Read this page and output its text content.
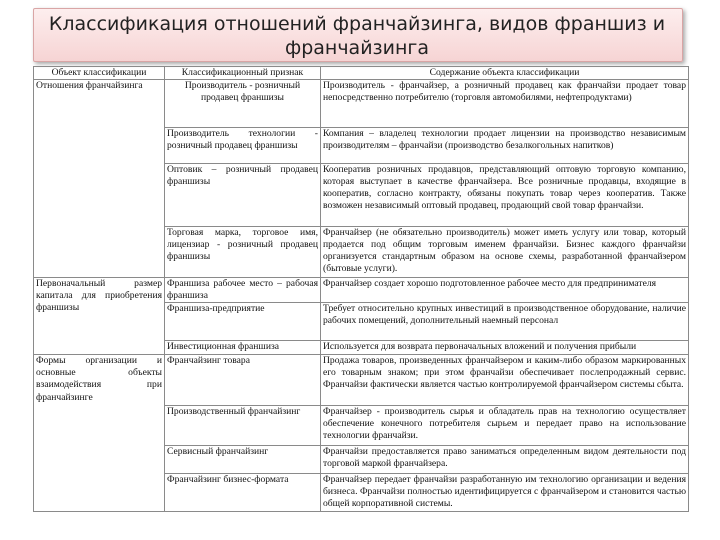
Классификация отношений франчайзинга, видов франшиз и франчайзинга
Объект классификации	Классификационный признак	Содержание объекта классификации
Отношения франчайзинга	Производитель - розничный продавец франшизы	Производитель - франчайзер, а розничный продавец как франчайзи продает товар непосредственно потребителю (торговля автомобилями, нефтепродуктами)
	Производитель технологии - розничный продавец франшизы	Компания – владелец технологии продает лицензии на производство независимым производителям – франчайзи (производство безалкогольных напитков)
	Оптовик – розничный продавец франшизы	Кооператив розничных продавцов, представляющий оптовую торговую компанию, которая выступает в качестве франчайзера. Все розничные продавцы, входящие в кооператив, согласно контракту, обязаны покупать товар через кооператив. Также возможен независимый оптовый продавец, продающий свой товар франчайзи.
	Торговая марка, торговое имя, лицензиар - розничный продавец франшизы	Франчайзер (не обязательно производитель) может иметь услугу или товар, который продается под общим торговым именем франчайзи. Бизнес каждого франчайзи организуется стандартным образом на основе схемы, разработанной франчайзером (бытовые услуги).
Первоначальный размер капитала для приобретения франшизы	Франшиза рабочее место – рабочая франшиза	Франчайзер создает хорошо подготовленное рабочее место для предпринимателя
	Франшиза-предприятие	Требует относительно крупных инвестиций в производственное оборудование, наличие рабочих помещений, дополнительный наемный персонал
	Инвестиционная франшиза	Используется для возврата первоначальных вложений и получения прибыли
Формы организации и основные объекты взаимодействия при франчайзинге	Франчайзинг товара	Продажа товаров, произведенных франчайзером и каким-либо образом маркированных его товарным знаком; при этом франчайзи обеспечивает послепродажный сервис. Франчайзи фактически является частью контролируемой франчайзером системы сбыта.
	Производственный франчайзинг	Франчайзер - производитель сырья и обладатель прав на технологию осуществляет обеспечение конечного потребителя сырьем и передает право на использование технологии франчайзи.
	Сервисный франчайзинг	Франчайзи предоставляется право заниматься определенным видом деятельности под торговой маркой франчайзера.
	Франчайзинг бизнес-формата	Франчайзер передает франчайзи разработанную им технологию организации и ведения бизнеса. Франчайзи полностью идентифицируется с франчайзером и становится частью общей корпоративной системы.
